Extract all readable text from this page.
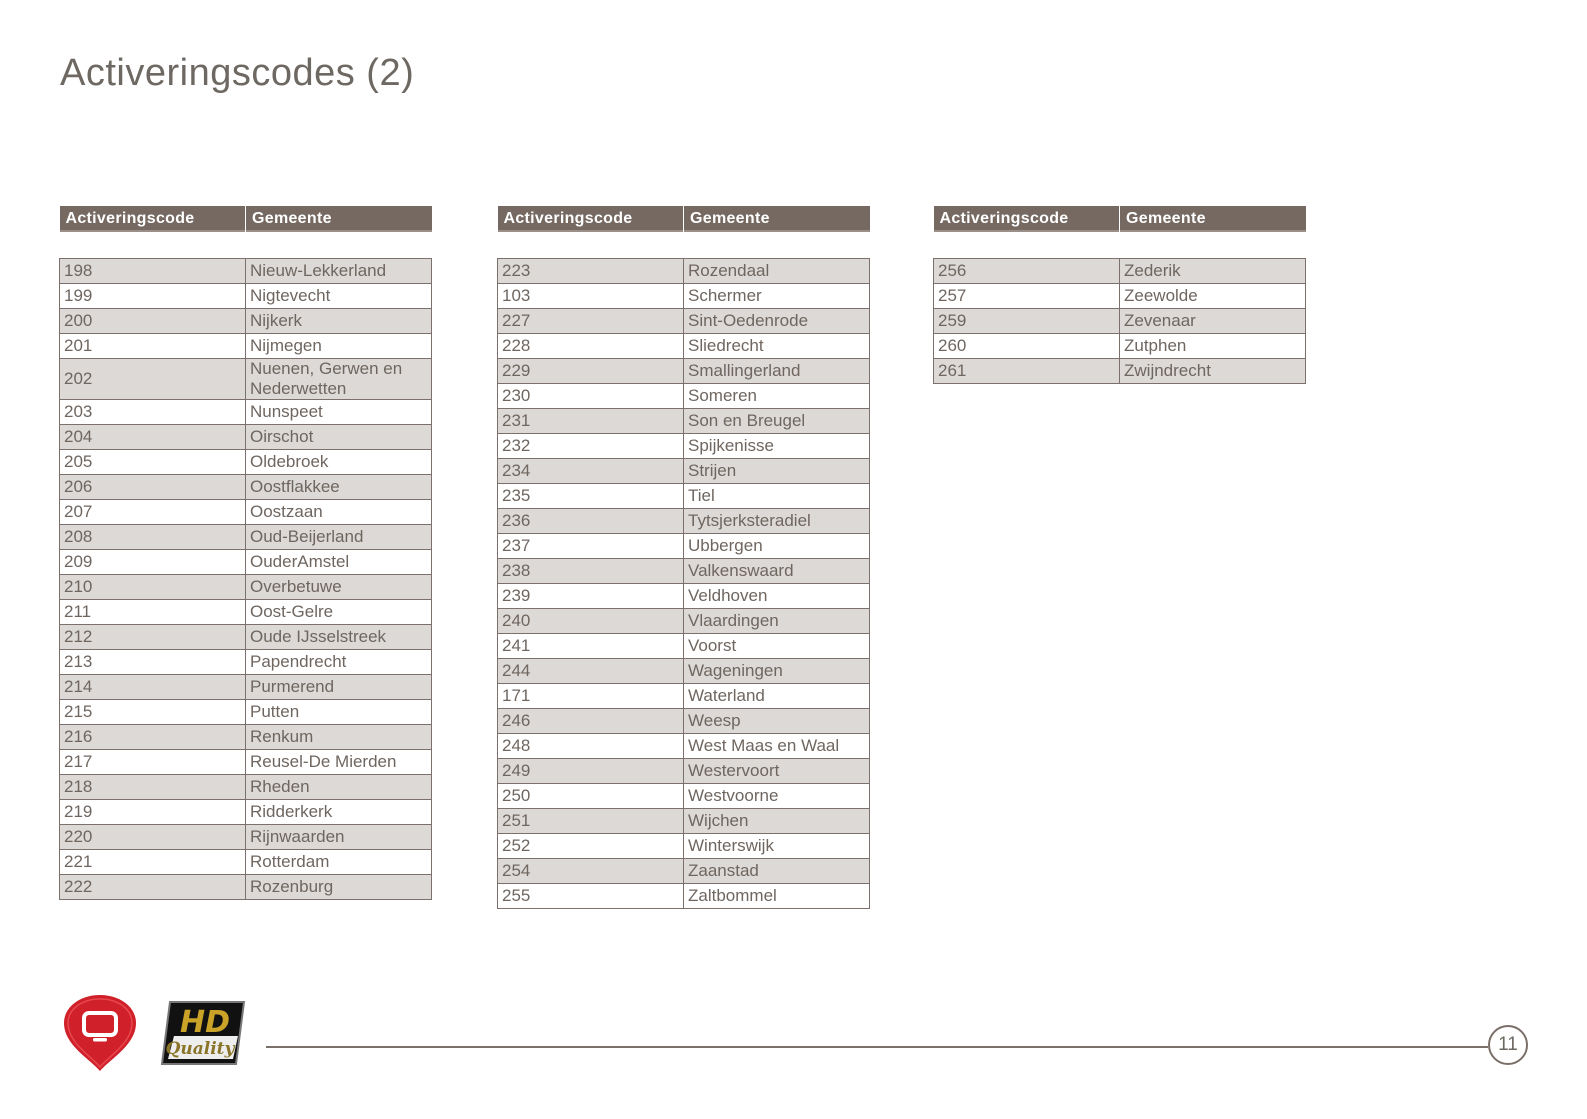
Activeringscodes (2)
Activeringscode	Gemeente

198	Nieuw-Lekkerland
199	Nigtevecht
200	Nijkerk
201	Nijmegen
202	Nuenen, Gerwen en Nederwetten
203	Nunspeet
204	Oirschot
205	Oldebroek
206	Oostflakkee
207	Oostzaan
208	Oud-Beijerland
209	OuderAmstel
210	Overbetuwe
211	Oost-Gelre
212	Oude IJsselstreek
213	Papendrecht
214	Purmerend
215	Putten
216	Renkum
217	Reusel-De Mierden
218	Rheden
219	Ridderkerk
220	Rijnwaarden
221	Rotterdam
222	Rozenburg
Activeringscode	Gemeente

223	Rozendaal
103	Schermer
227	Sint-Oedenrode
228	Sliedrecht
229	Smallingerland
230	Someren
231	Son en Breugel
232	Spijkenisse
234	Strijen
235	Tiel
236	Tytsjerksteradiel
237	Ubbergen
238	Valkenswaard
239	Veldhoven
240	Vlaardingen
241	Voorst
244	Wageningen
171	Waterland
246	Weesp
248	West Maas en Waal
249	Westervoort
250	Westvoorne
251	Wijchen
252	Winterswijk
254	Zaanstad
255	Zaltbommel
Activeringscode	Gemeente

256	Zederik
257	Zeewolde
259	Zevenaar
260	Zutphen
261	Zwijndrecht
HD
Quality	11
